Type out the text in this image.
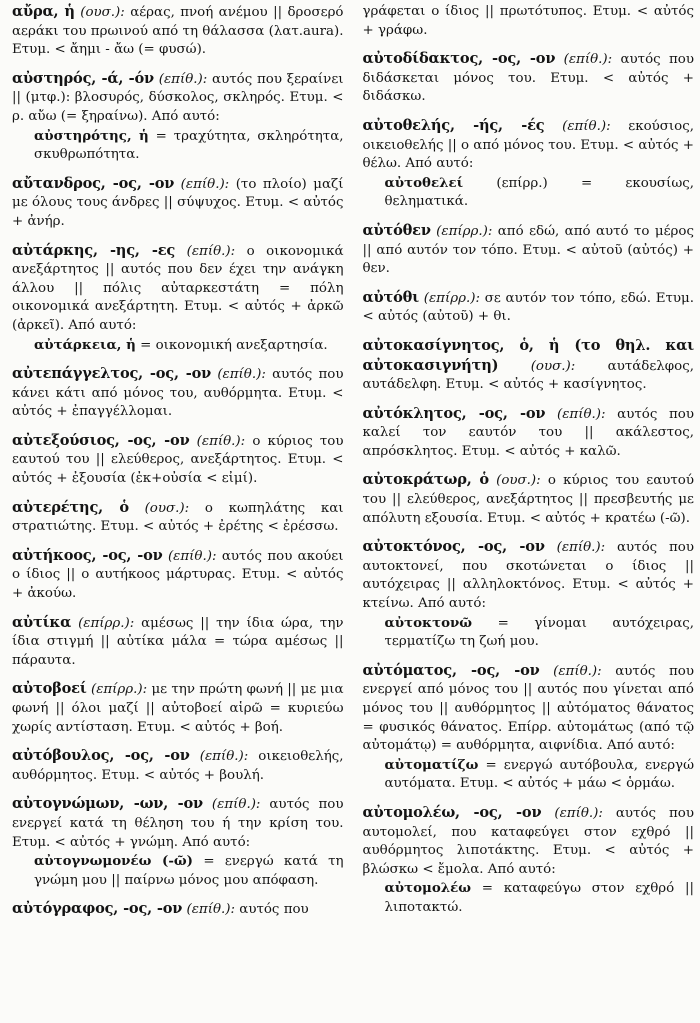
αὔρα, ἡ (ουσ.): αέρας, πνοή ανέμου || δροσερό αεράκι του πρωινού από τη θάλασσα (λατ.aura). Ετυμ. < ἄημι - ἄω (= φυσώ).
αὐστηρός, -ά, -όν (επίθ.): αυτός που ξεραίνει || (μτφ.): βλοσυρός, δύσκολος, σκληρός. Ετυμ. < ρ. αὔω (= ξηραίνω). Από αυτό:
αὐστηρότης, ἡ = τραχύτητα, σκληρότητα, σκυθρωπότητα.
αὔτανδρος, -ος, -ον (επίθ.): (το πλοίο) μαζί με όλους τους άνδρες || σύψυχος. Ετυμ. < αὐτός + ἀνήρ.
αὐτάρκης, -ης, -ες (επίθ.): ο οικονομικά ανεξάρτητος || αυτός που δεν έχει την ανάγκη άλλου || πόλις αὐταρκεστάτη = πόλη οικονομικά ανεξάρτητη. Ετυμ. < αὐτός + ἀρκῶ (ἀρκεῖ). Από αυτό:
αὐτάρκεια, ἡ = οικονομική ανεξαρτησία.
αὐτεπάγγελτος, -ος, -ον (επίθ.): αυτός που κάνει κάτι από μόνος του, αυθόρμητα. Ετυμ. < αὐτός + ἐπαγγέλλομαι.
αὐτεξούσιος, -ος, -ον (επίθ.): ο κύριος του εαυτού του || ελεύθερος, ανεξάρτητος. Ετυμ. < αὐτός + ἐξουσία (ἐκ+οὐσία < εἰμί).
αὐτερέτης, ὁ (ουσ.): ο κωπηλάτης και στρατιώτης. Ετυμ. < αὐτός + ἐρέτης < ἐρέσσω.
αὐτήκοος, -ος, -ον (επίθ.): αυτός που ακούει ο ίδιος || ο αυτήκοος μάρτυρας. Ετυμ. < αὐτός + ἀκούω.
αὐτίκα (επίρρ.): αμέσως || την ίδια ώρα, την ίδια στιγμή || αὐτίκα μάλα = τώρα αμέσως || πάραυτα.
αὐτοβοεί (επίρρ.): με την πρώτη φωνή || με μια φωνή || όλοι μαζί || αὐτοβοεί αἱρῶ = κυριεύω χωρίς αντίσταση. Ετυμ. < αὐτός + βοή.
αὐτόβουλος, -ος, -ον (επίθ.): οικειοθελής, αυθόρμητος. Ετυμ. < αὐτός + βουλή.
αὐτογνώμων, -ων, -ον (επίθ.): αυτός που ενεργεί κατά τη θέληση του ή την κρίση του. Ετυμ. < αὐτός + γνώμη. Από αυτό:
αὐτογνωμονέω (-ῶ) = ενεργώ κατά τη γνώμη μου || παίρνω μόνος μου απόφαση.
αὐτόγραφος, -ος, -ον (επίθ.): αυτός που
γράφεται ο ίδιος || πρωτότυπος. Ετυμ. < αὐτός + γράφω.
αὐτοδίδακτος, -ος, -ον (επίθ.): αυτός που διδάσκεται μόνος του. Ετυμ. < αὐτός + διδάσκω.
αὐτοθελής, -ής, -ές (επίθ.): εκούσιος, οικειοθελής || ο από μόνος του. Ετυμ. < αὐτός + θέλω. Από αυτό:
αὐτοθελεί (επίρρ.) = εκουσίως, θεληματικά.
αὐτόθεν (επίρρ.): από εδώ, από αυτό το μέρος || από αυτόν τον τόπο. Ετυμ. < αὐτοῦ (αὐτός) + θεν.
αὐτόθι (επίρρ.): σε αυτόν τον τόπο, εδώ. Ετυμ. < αὐτός (αὐτοῦ) + θι.
αὐτοκασίγνητος, ὁ, ἡ (το θηλ. και αὐτοκασιγνήτη) (ουσ.): αυτάδελφος, αυτάδελφη. Ετυμ. < αὐτός + κασίγνητος.
αὐτόκλητος, -ος, -ον (επίθ.): αυτός που καλεί τον εαυτόν του || ακάλεστος, απρόσκλητος. Ετυμ. < αὐτός + καλῶ.
αὐτοκράτωρ, ὁ (ουσ.): ο κύριος του εαυτού του || ελεύθερος, ανεξάρτητος || πρεσβευτής με απόλυτη εξουσία. Ετυμ. < αὐτός + κρατέω (-ῶ).
αὐτοκτόνος, -ος, -ον (επίθ.): αυτός που αυτοκτονεί, που σκοτώνεται ο ίδιος || αυτόχειρας || αλληλοκτόνος. Ετυμ. < αὐτός + κτείνω. Από αυτό:
αὐτοκτονῶ = γίνομαι αυτόχειρας, τερματίζω τη ζωή μου.
αὐτόματος, -ος, -ον (επίθ.): αυτός που ενεργεί από μόνος του || αυτός που γίνεται από μόνος του || αυθόρμητος || αὐτόματος θάνατος = φυσικός θάνατος. Επίρρ. αὐτομάτως (από τῷ αὐτομάτῳ) = αυθόρμητα, αιφνίδια. Από αυτό:
αὐτοματίζω = ενεργώ αυτόβουλα, ενεργώ αυτόματα. Ετυμ. < αὐτός + μάω < ὁρμάω.
αὐτομολέω, -ος, -ον (επίθ.): αυτός που αυτομολεί, που καταφεύγει στον εχθρό || αυθόρμητος λιποτάκτης. Ετυμ. < αὐτός + βλώσκω < ἔμολα. Από αυτό:
αὐτομολέω = καταφεύγω στον εχθρό || λιποτακτώ.
